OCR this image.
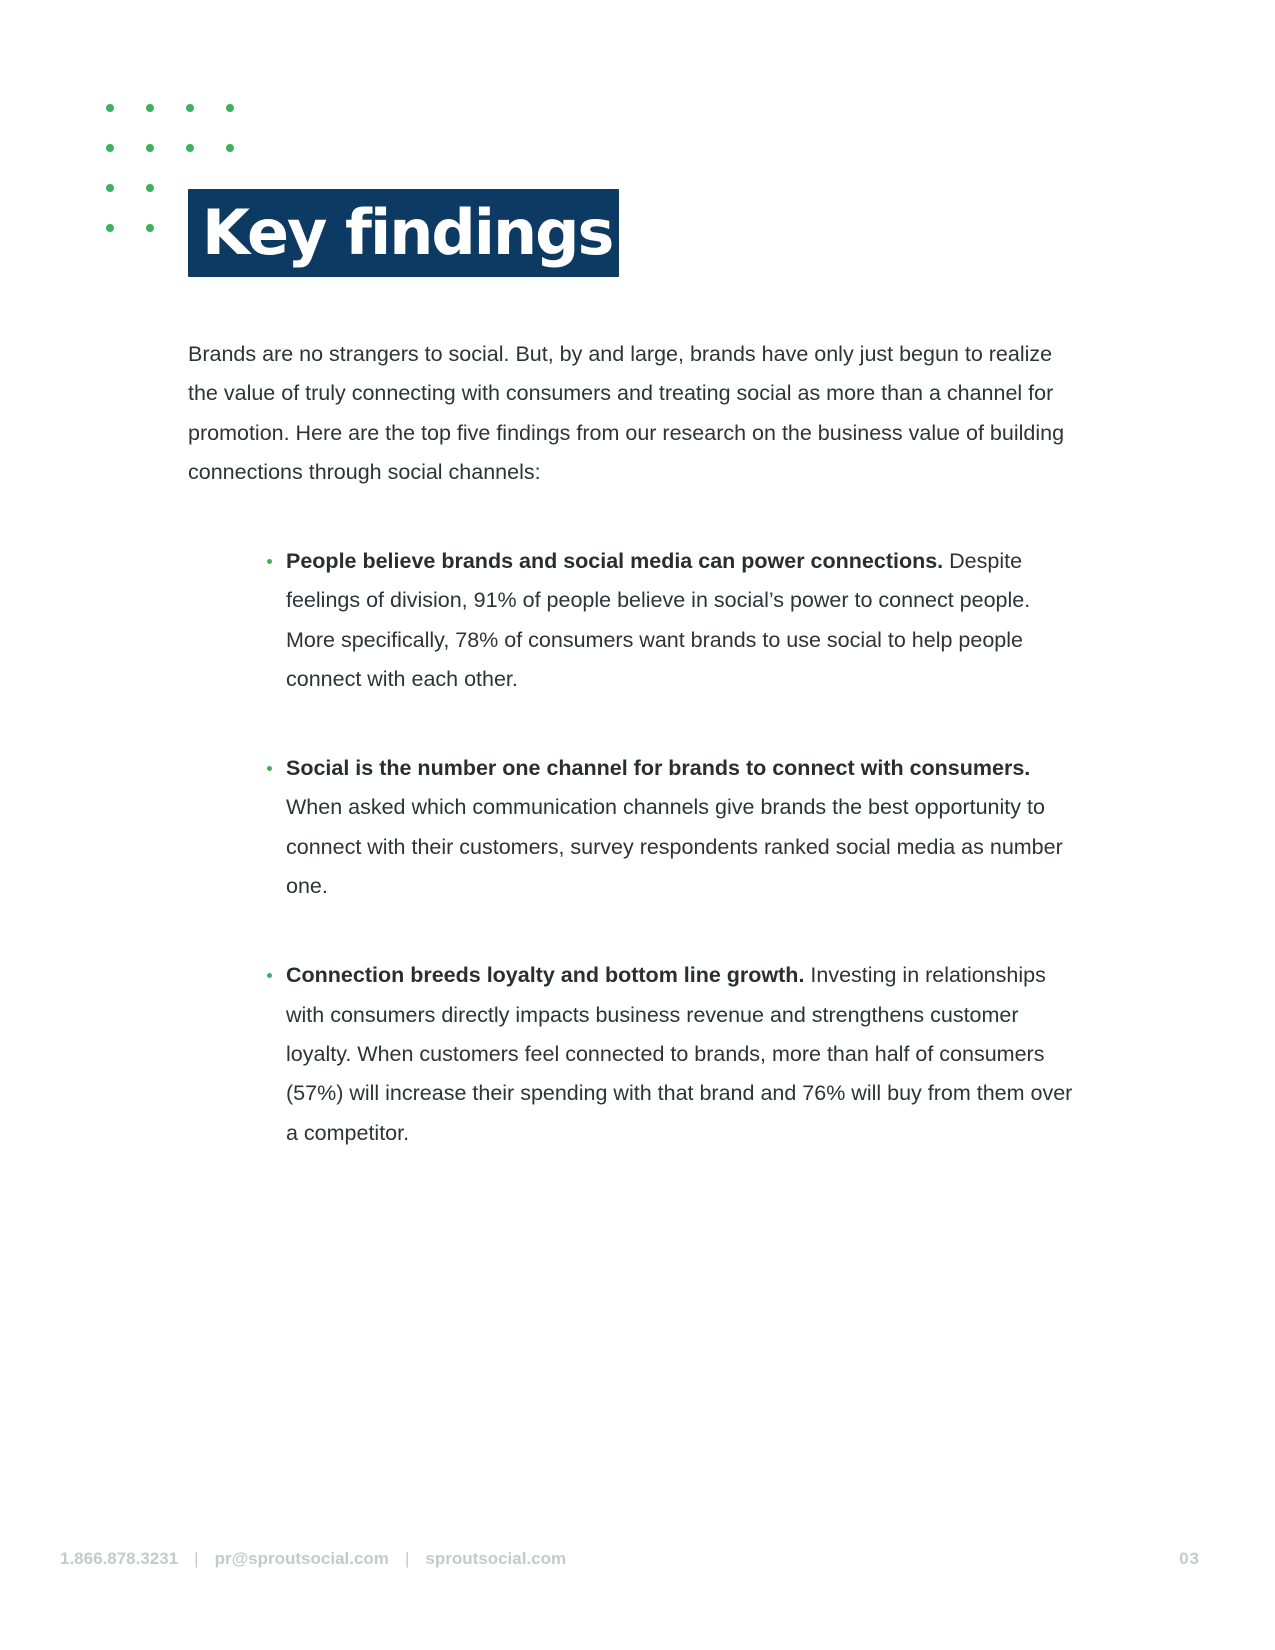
Key findings

Brands are no strangers to social. But, by and large, brands have only just begun to realize the value of truly connecting with consumers and treating social as more than a channel for promotion. Here are the top five findings from our research on the business value of building connections through social channels:

People believe brands and social media can power connections. Despite feelings of division, 91% of people believe in social’s power to connect people. More specifically, 78% of consumers want brands to use social to help people connect with each other.
Social is the number one channel for brands to connect with consumers. When asked which communication channels give brands the best opportunity to connect with their customers, survey respondents ranked social media as number one.
Connection breeds loyalty and bottom line growth. Investing in relationships with consumers directly impacts business revenue and strengthens customer loyalty. When customers feel connected to brands, more than half of consumers (57%) will increase their spending with that brand and 76% will buy from them over a competitor.
1.866.878.3231 | pr@sproutsocial.com | sproutsocial.com	03
